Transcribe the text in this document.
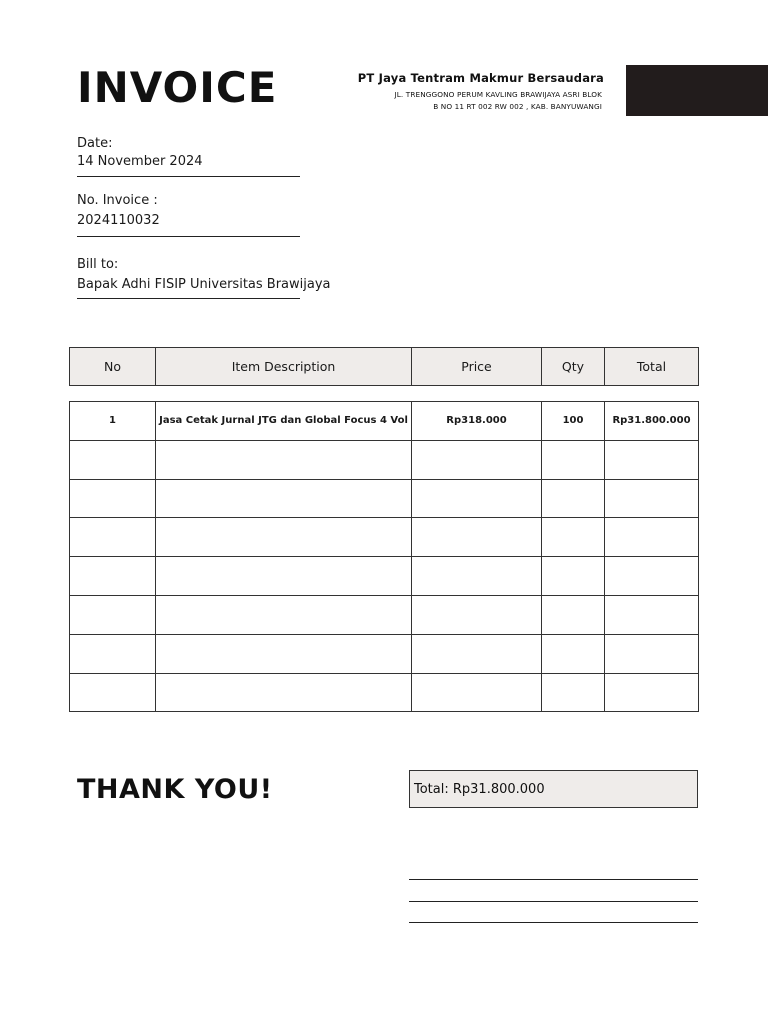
INVOICE	PT Jaya Tentram Makmur Bersaudara
JL. TRENGGONO PERUM KAVLING BRAWIJAYA ASRI BLOK
B NO 11 RT 002 RW 002 , KAB. BANYUWANGI
Date:
14 November 2024
No. Invoice :
2024110032
Bill to:
Bapak Adhi FISIP Universitas Brawijaya
No	Item Description	Price	Qty	Total
1	Jasa Cetak Jurnal JTG dan Global Focus 4 Vol	Rp318.000	100	Rp31.800.000

THANK YOU!	Total: Rp31.800.000
